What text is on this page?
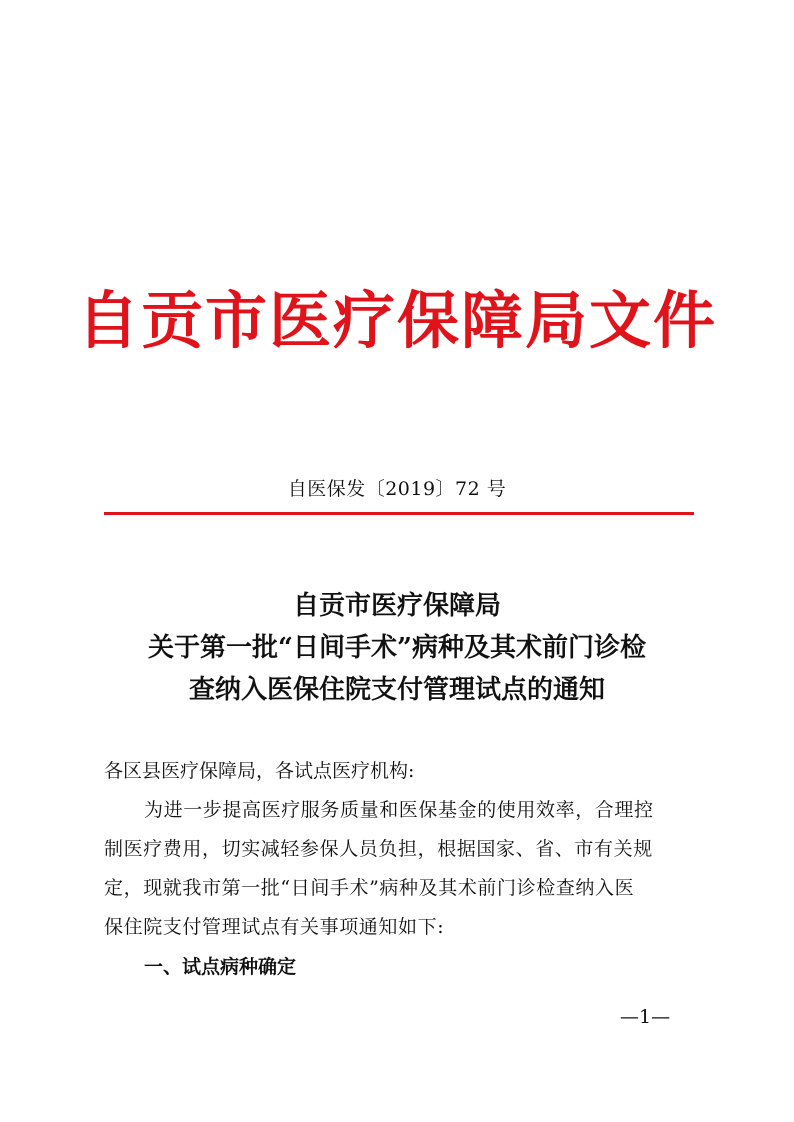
自贡市医疗保障局文件
自医保发〔2019〕72 号
自贡市医疗保障局
关于第一批“日间手术”病种及其术前门诊检
查纳入医保住院支付管理试点的通知
各区县医疗保障局，各试点医疗机构:
为进一步提高医疗服务质量和医保基金的使用效率，合理控
制医疗费用，切实减轻参保人员负担，根据国家、省、市有关规
定，现就我市第一批“日间手术”病种及其术前门诊检查纳入医
保住院支付管理试点有关事项通知如下:
一、试点病种确定
—1—
